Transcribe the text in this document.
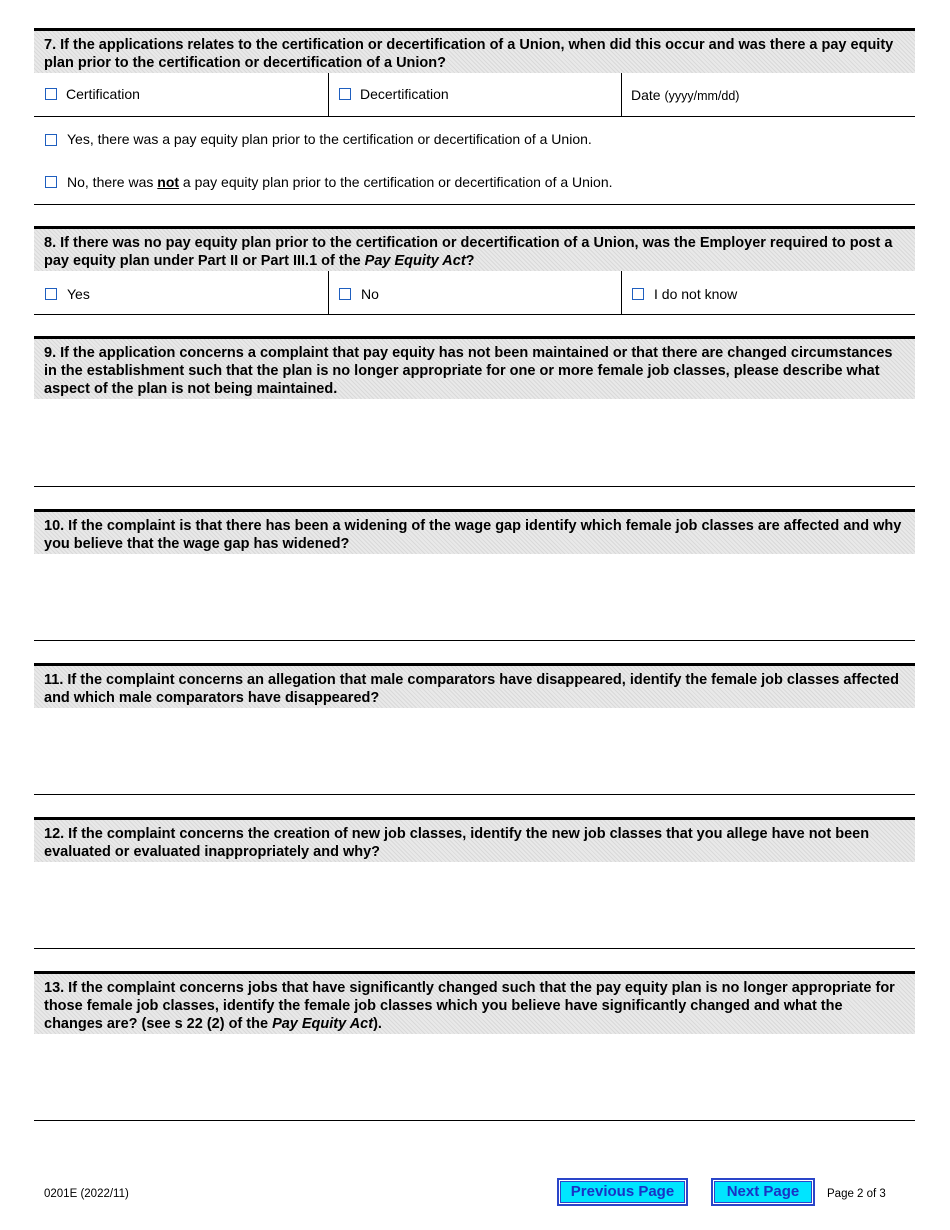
7. If the applications relates to the certification or decertification of a Union, when did this occur and was there a pay equity plan prior to the certification or decertification of a Union?
Certification	Decertification	Date (yyyy/mm/dd)
Yes, there was a pay equity plan prior to the certification or decertification of a Union.
No, there was not a pay equity plan prior to the certification or decertification of a Union.
8. If there was no pay equity plan prior to the certification or decertification of a Union, was the Employer required to post a pay equity plan under Part II or Part III.1 of the Pay Equity Act?
Yes	No	I do not know
9. If the application concerns a complaint that pay equity has not been maintained or that there are changed circumstances in the establishment such that the plan is no longer appropriate for one or more female job classes, please describe what aspect of the plan is not being maintained.
10. If the complaint is that there has been a widening of the wage gap identify which female job classes are affected and why you believe that the wage gap has widened?
11. If the complaint concerns an allegation that male comparators have disappeared, identify the female job classes affected and which male comparators have disappeared?
12. If the complaint concerns the creation of new job classes, identify the new job classes that you allege have not been evaluated or evaluated inappropriately and why?
13. If the complaint concerns jobs that have significantly changed such that the pay equity plan is no longer appropriate for those female job classes, identify the female job classes which you believe have significantly changed and what the changes are? (see s 22 (2) of the Pay Equity Act).
0201E (2022/11)	Previous Page	Next Page	Page 2 of 3
